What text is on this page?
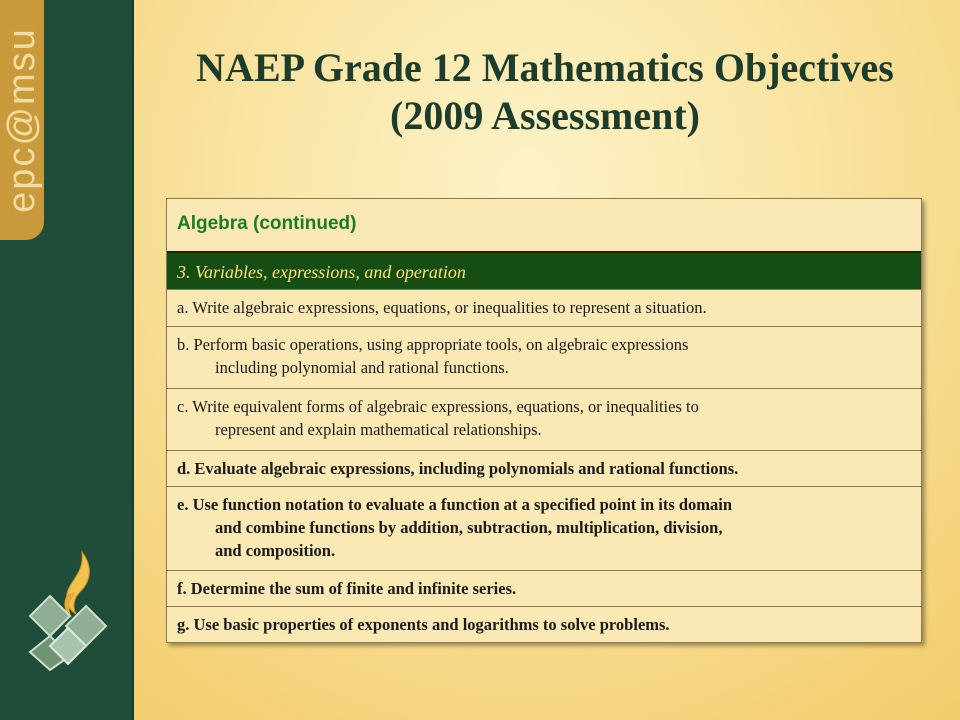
epc@msu	NAEP Grade 12 Mathematics Objectives
(2009 Assessment)
Algebra (continued)
3. Variables, expressions, and operation
a. Write algebraic expressions, equations, or inequalities to represent a situation.
b. Perform basic operations, using appropriate tools, on algebraic expressions
including polynomial and rational functions.
c. Write equivalent forms of algebraic expressions, equations, or inequalities to
represent and explain mathematical relationships.
d. Evaluate algebraic expressions, including polynomials and rational functions.
e. Use function notation to evaluate a function at a specified point in its domain
and combine functions by addition, subtraction, multiplication, division,
and composition.
f. Determine the sum of finite and infinite series.
g. Use basic properties of exponents and logarithms to solve problems.
